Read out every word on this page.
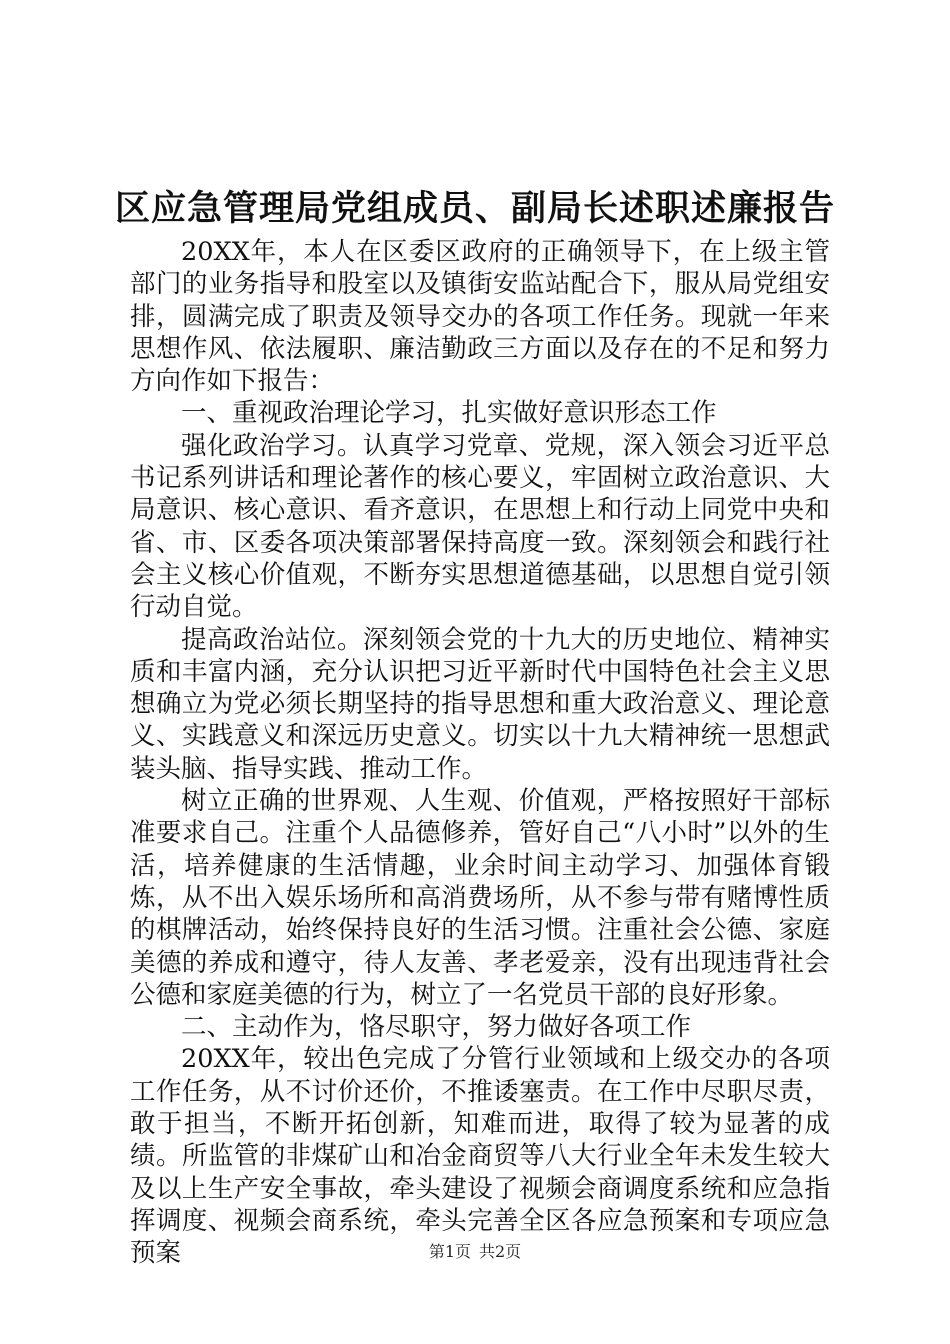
区应急管理局党组成员、副局长述职述廉报告

20XX年，本人在区委区政府的正确领导下，在上级主管部门的业务指导和股室以及镇街安监站配合下，服从局党组安排，圆满完成了职责及领导交办的各项工作任务。现就一年来思想作风、依法履职、廉洁勤政三方面以及存在的不足和努力方向作如下报告：

一、重视政治理论学习，扎实做好意识形态工作

强化政治学习。认真学习党章、党规，深入领会习近平总书记系列讲话和理论著作的核心要义，牢固树立政治意识、大局意识、核心意识、看齐意识，在思想上和行动上同党中央和省、市、区委各项决策部署保持高度一致。深刻领会和践行社会主义核心价值观，不断夯实思想道德基础，以思想自觉引领行动自觉。

提高政治站位。深刻领会党的十九大的历史地位、精神实质和丰富内涵，充分认识把习近平新时代中国特色社会主义思想确立为党必须长期坚持的指导思想和重大政治意义、理论意义、实践意义和深远历史意义。切实以十九大精神统一思想武装头脑、指导实践、推动工作。

树立正确的世界观、人生观、价值观，严格按照好干部标准要求自己。注重个人品德修养，管好自己“八小时”以外的生活，培养健康的生活情趣，业余时间主动学习、加强体育锻炼，从不出入娱乐场所和高消费场所，从不参与带有赌博性质的棋牌活动，始终保持良好的生活习惯。注重社会公德、家庭美德的养成和遵守，待人友善、孝老爱亲，没有出现违背社会公德和家庭美德的行为，树立了一名党员干部的良好形象。

二、主动作为，恪尽职守，努力做好各项工作

20XX年，较出色完成了分管行业领域和上级交办的各项工作任务，从不讨价还价，不推诿塞责。在工作中尽职尽责，敢于担当，不断开拓创新，知难而进，取得了较为显著的成绩。所监管的非煤矿山和冶金商贸等八大行业全年未发生较大及以上生产安全事故，牵头建设了视频会商调度系统和应急指挥调度、视频会商系统，牵头完善全区各应急预案和专项应急预案	第1页 共2页
